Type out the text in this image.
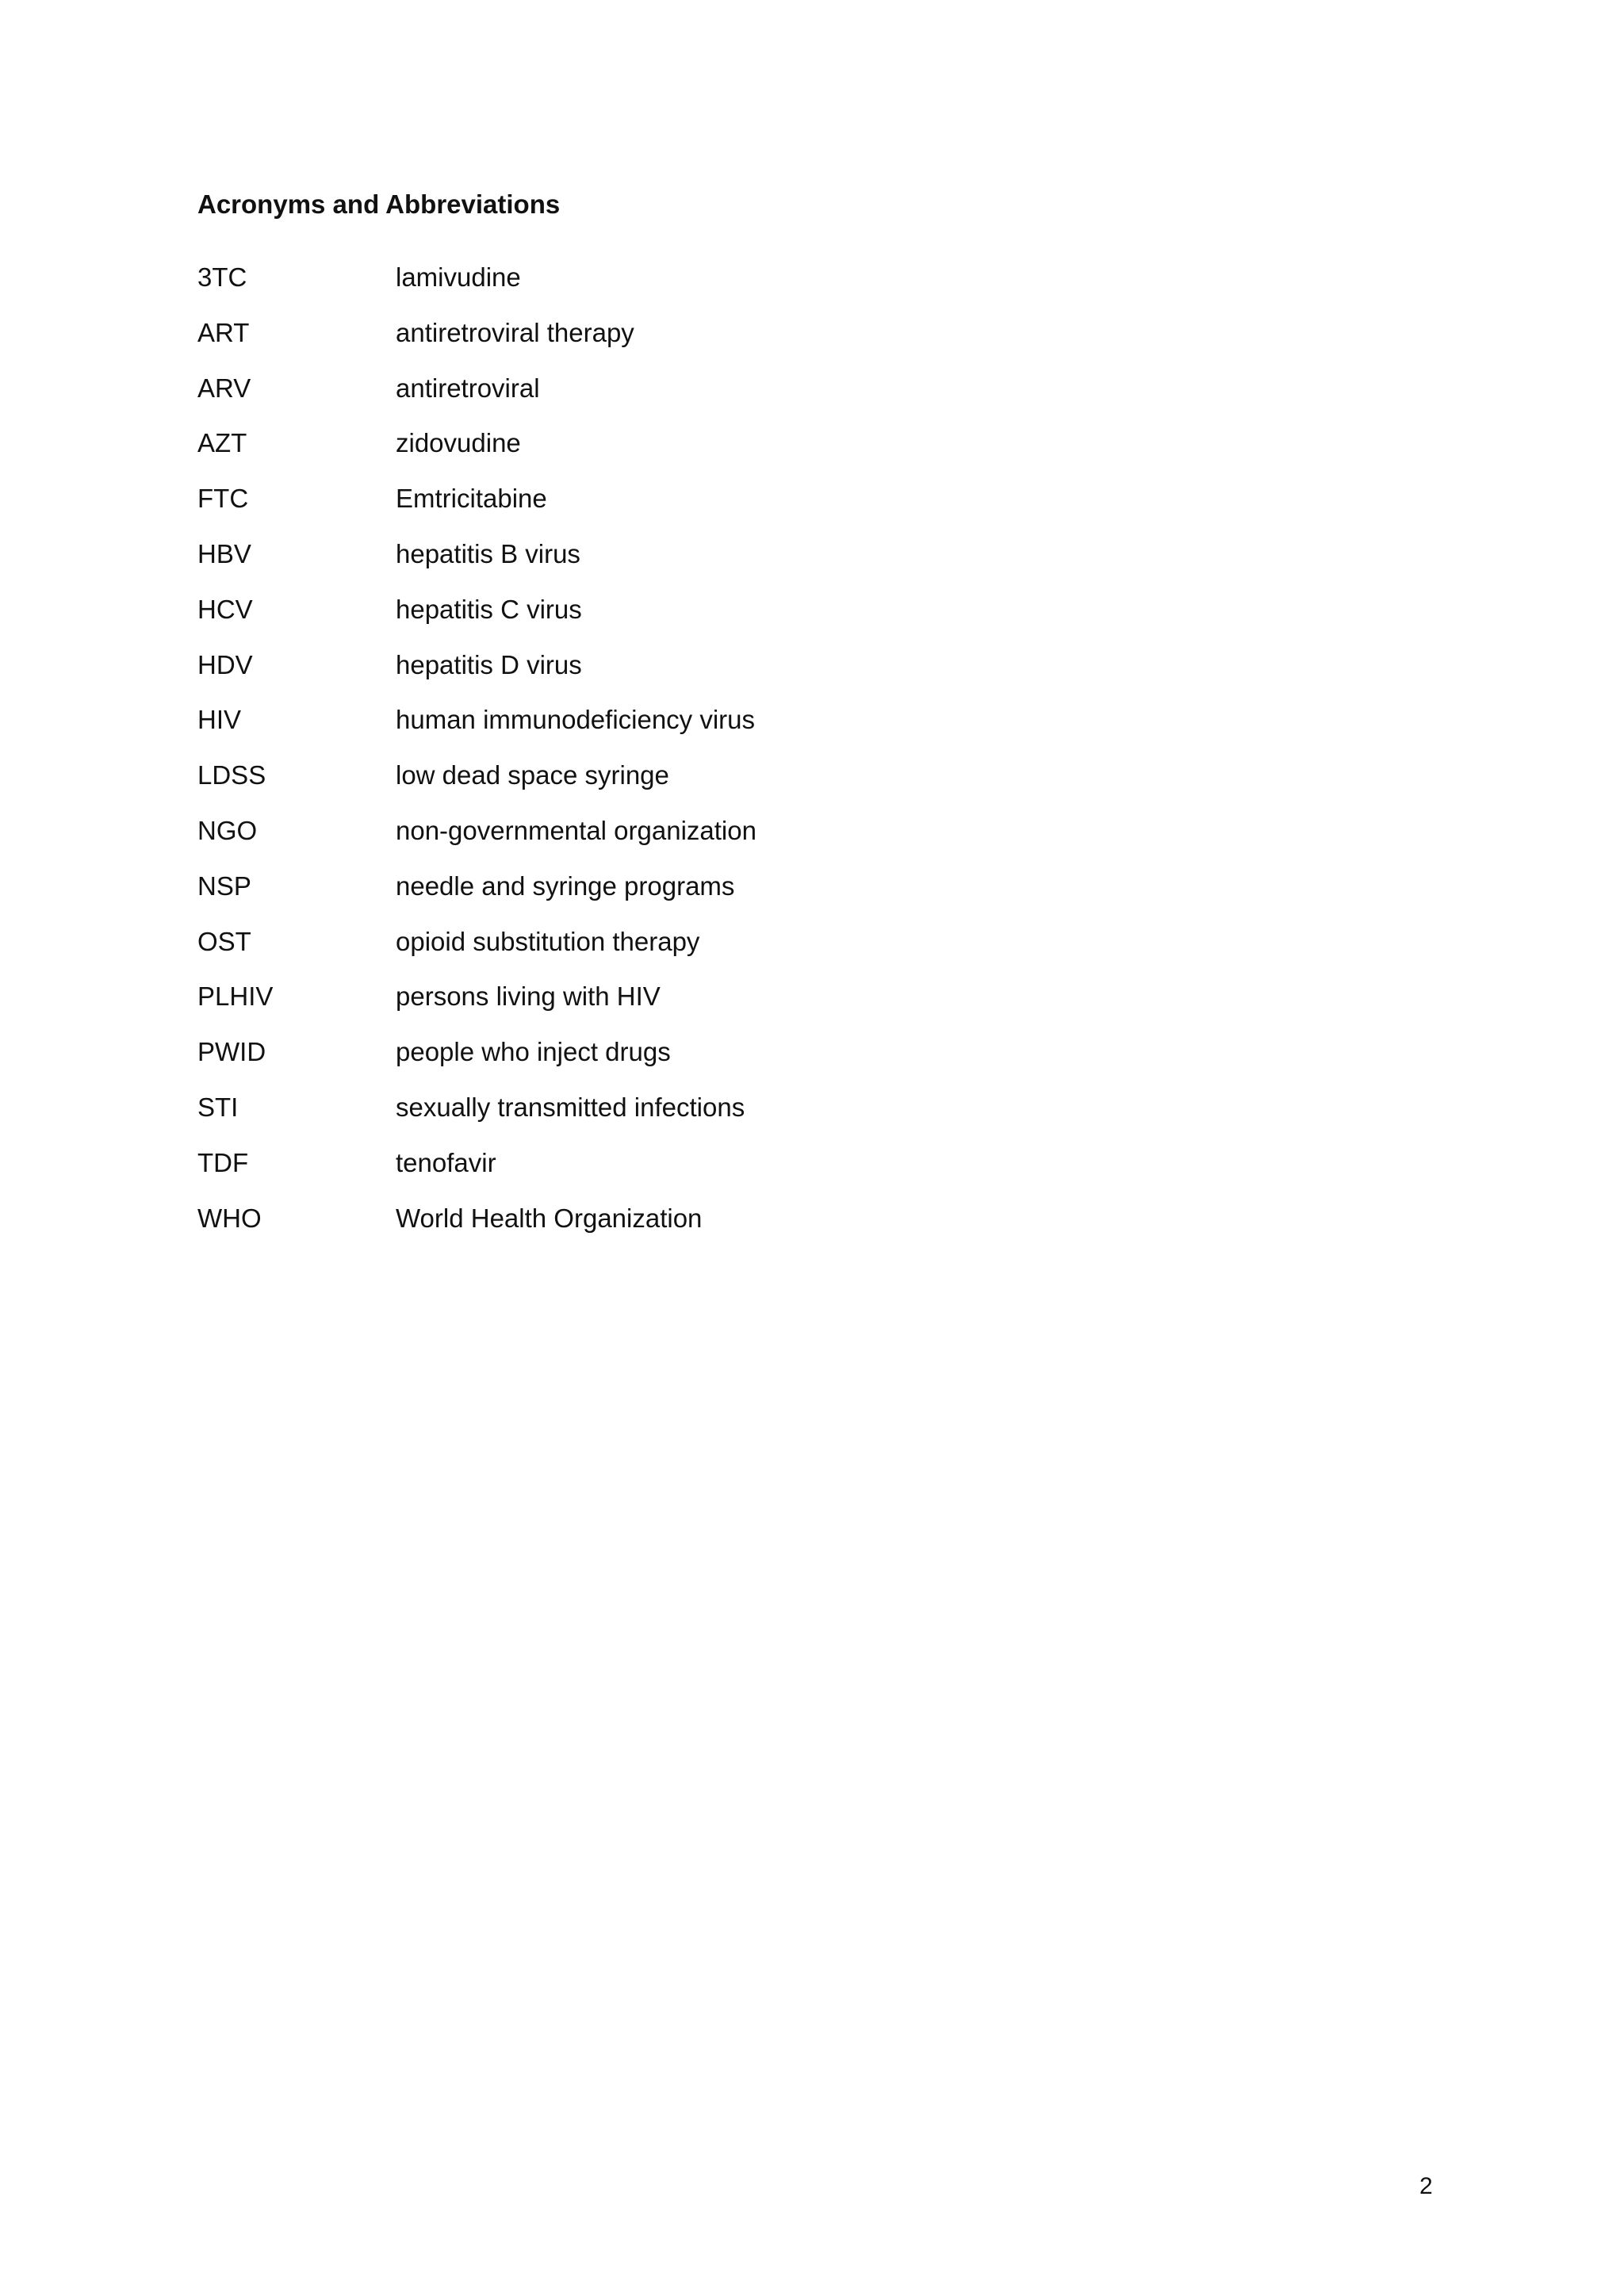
Acronyms and Abbreviations
3TC	lamivudine
ART	antiretroviral therapy
ARV	antiretroviral
AZT	zidovudine
FTC	Emtricitabine
HBV	hepatitis B virus
HCV	hepatitis C virus
HDV	hepatitis D virus
HIV	human immunodeficiency virus
LDSS	low dead space syringe
NGO	non-governmental organization
NSP	needle and syringe programs
OST	opioid substitution therapy
PLHIV	persons living with HIV
PWID	people who inject drugs
STI	sexually transmitted infections
TDF	tenofavir
WHO	World Health Organization
2
